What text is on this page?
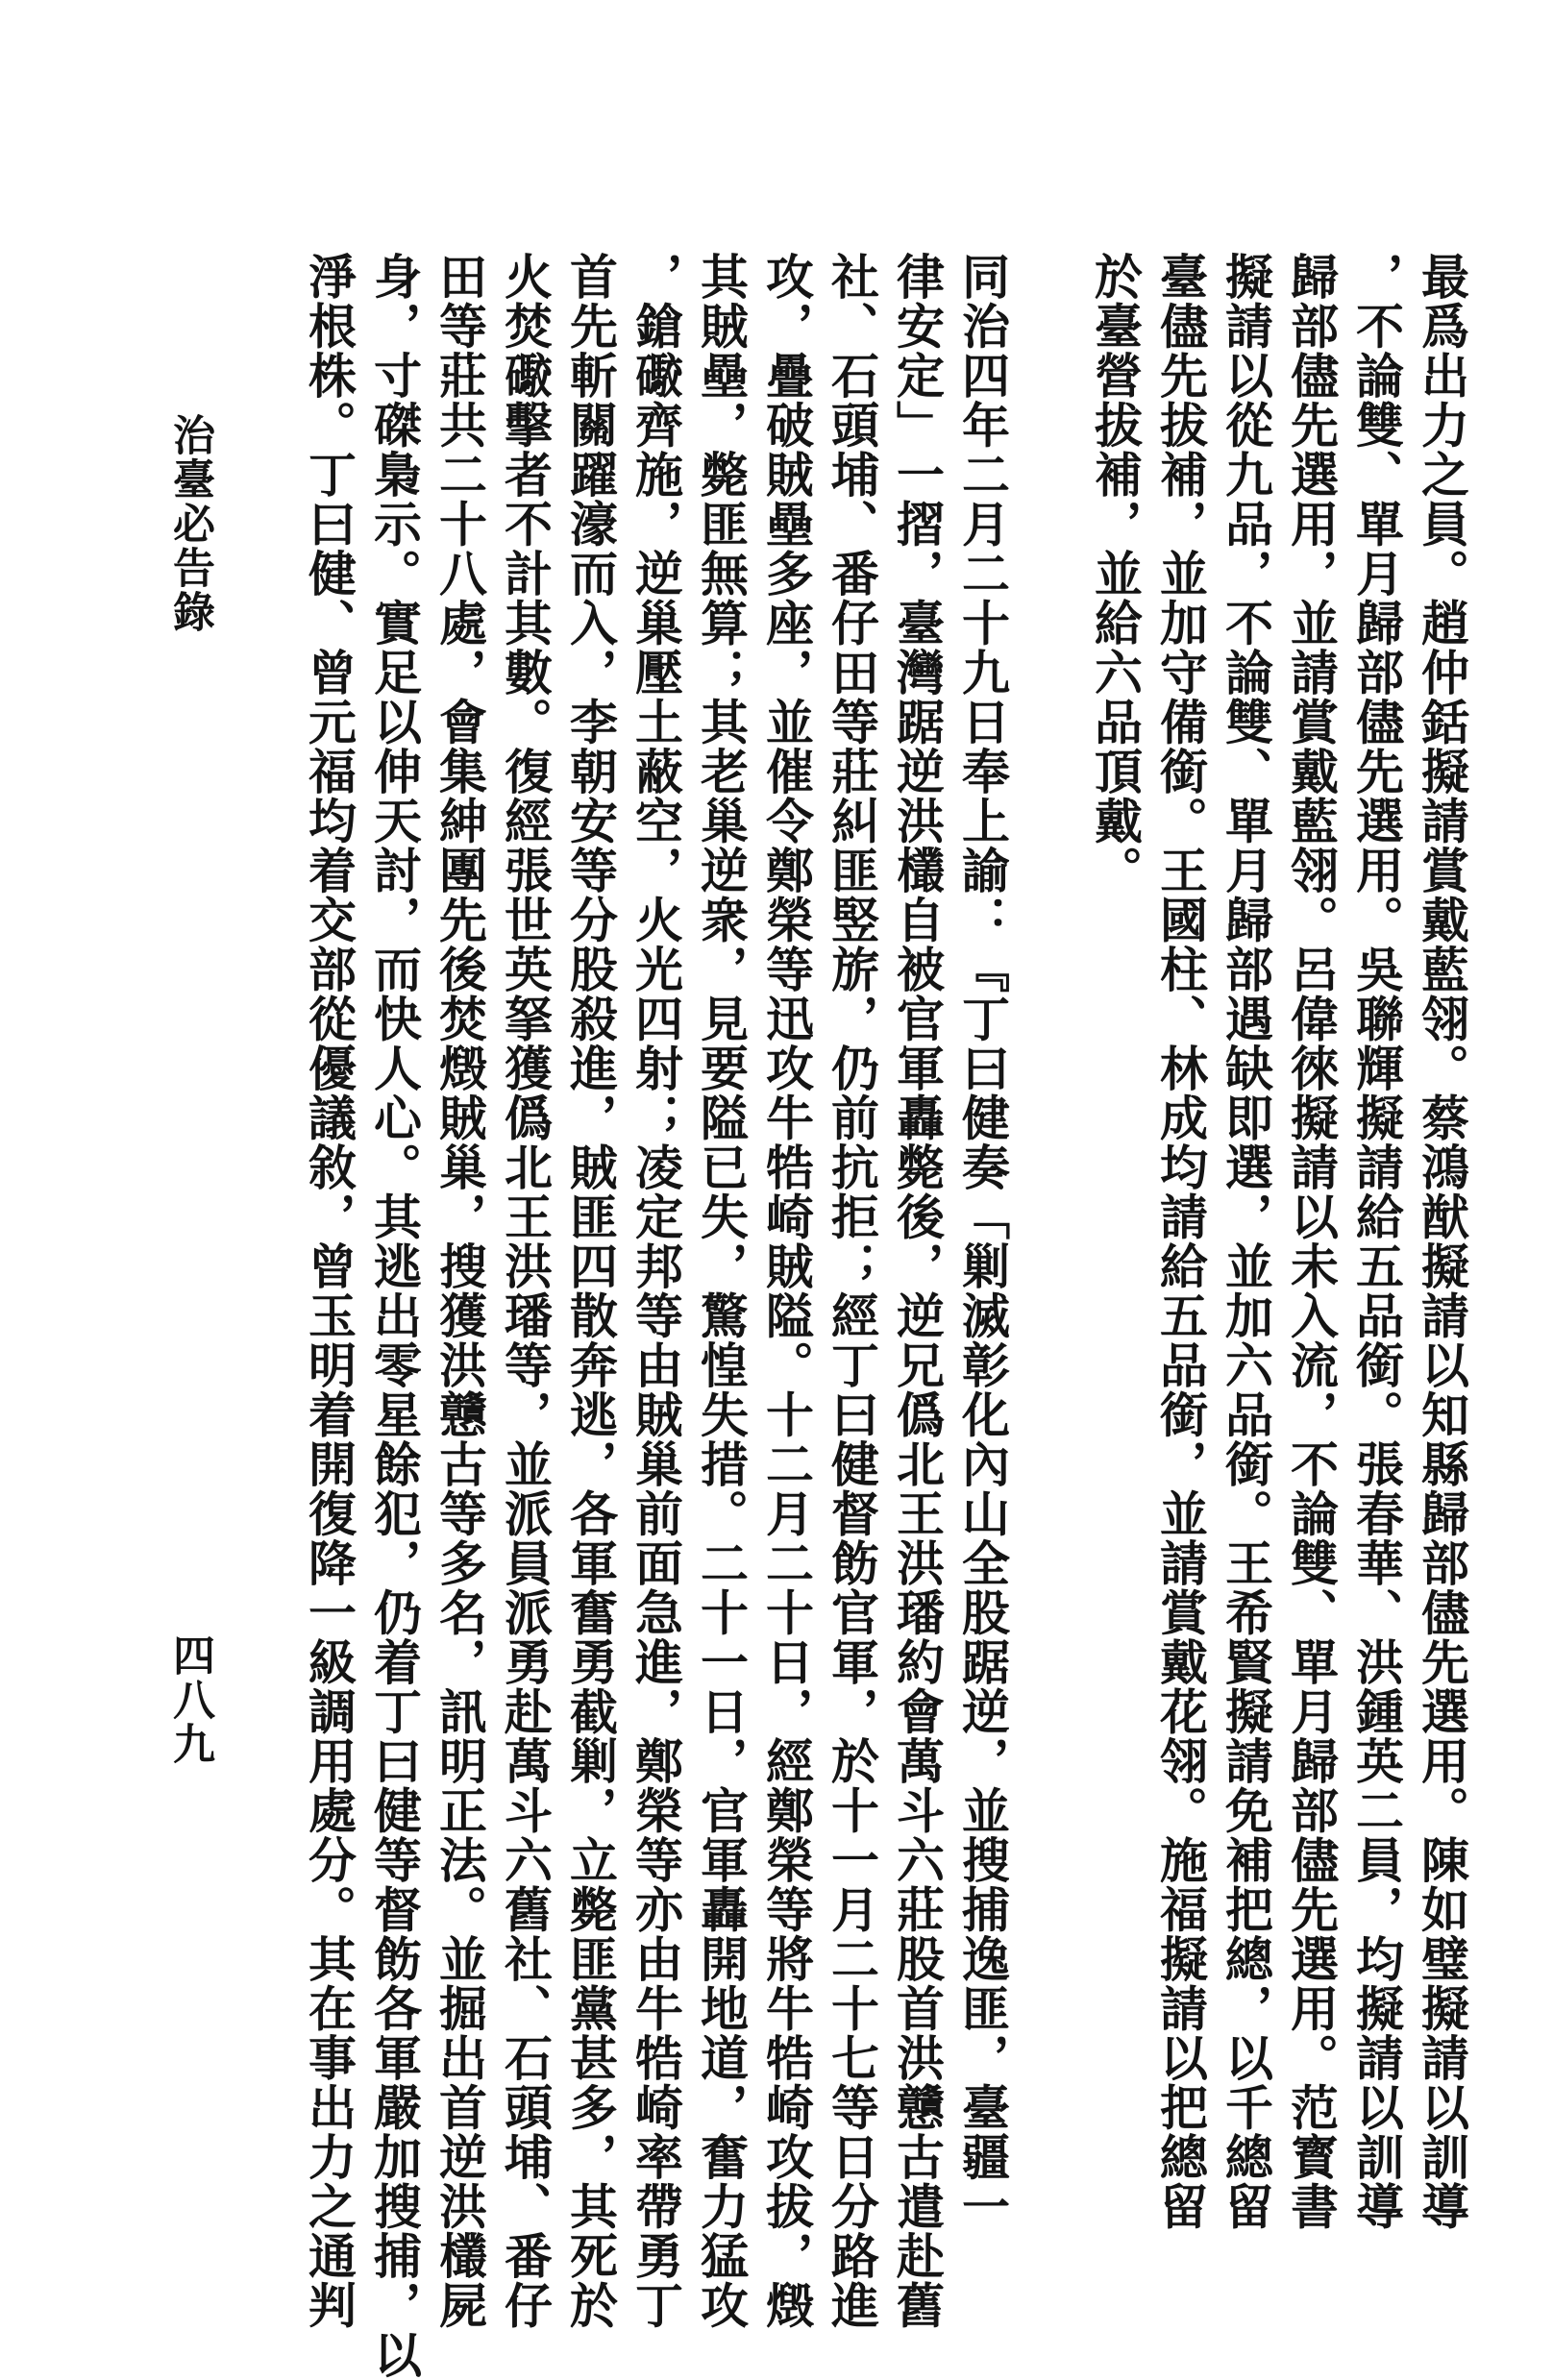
最爲出力之員。趙仲銛擬請賞戴藍翎。蔡鴻猷擬請以知縣歸部儘先選用。陳如璧擬請以訓導
，不論雙、單月歸部儘先選用。吳聯輝擬請給五品銜。張春華、洪鍾英二員，均擬請以訓導
歸部儘先選用，並請賞戴藍翎。呂偉徠擬請以未入流，不論雙、單月歸部儘先選用。范寳書
擬請以從九品，不論雙、單月歸部遇缺即選，並加六品銜。王希賢擬請免補把總，以千總留
臺儘先拔補，並加守備銜。王國柱、林成均請給五品銜，並請賞戴花翎。施福擬請以把總留
於臺營拔補，並給六品頂戴。
同治四年二月二十九日奉上諭：『丁曰健奏「剿滅彰化內山全股踞逆，並搜捕逸匪，臺疆一
律安定」一摺，臺灣踞逆洪欉自被官軍轟斃後，逆兄僞北王洪璠約會萬斗六莊股首洪戇古遣赴舊
社、石頭埔、番仔田等莊糾匪竪旂，仍前抗拒；經丁曰健督飭官軍，於十一月二十七等日分路進
攻，疊破賊壘多座，並催令鄭榮等迅攻牛牿崎賊隘。十二月二十日，經鄭榮等將牛牿崎攻拔，燬
其賊壘，斃匪無算；其老巢逆衆，見要隘已失，驚惶失措。二十一日，官軍轟開地道，奮力猛攻
，鎗礮齊施，逆巢壓土蔽空，火光四射；凌定邦等由賊巢前面急進，鄭榮等亦由牛牿崎率帶勇丁
首先斬關躍濠而入，李朝安等分股殺進，賊匪四散奔逃，各軍奮勇截剿，立斃匪黨甚多，其死於
火焚礮擊者不計其數。復經張世英拏獲僞北王洪璠等，並派員派勇赴萬斗六舊社、石頭埔、番仔
田等莊共二十八處，會集紳團先後焚燬賊巢，搜獲洪戇古等多名，訊明正法。並掘出首逆洪欉屍
身，寸磔梟示。實足以伸天討，而快人心。其逃出零星餘犯，仍着丁曰健等督飭各軍嚴加搜捕，以
淨根株。丁曰健、曾元福均着交部從優議敘，曾玉明着開復降一級調用處分。其在事出力之通判
治臺必告錄
四八九
